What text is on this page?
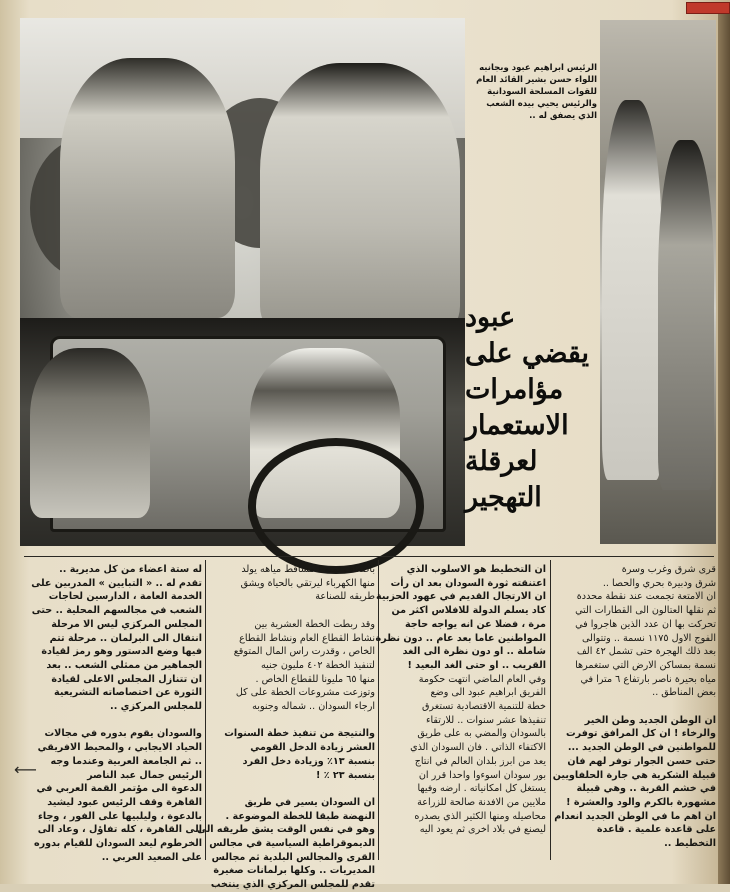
الرئيس ابراهيم عبود وبجانبه
اللواء حسن بشير القائد العام
للقوات المسلحة السودانية
والرئيس يحيي بيده الشعب
الذي يصفق له ..
عبود
يقضي على
مؤامرات
الاستعمار
لعرقلة
التهجير
قرى شرق وغرب وسرة
شرق ودبيرة بحري والحصا ..
ان الامتعة تجمعت عند نقطة محددة
ثم نقلها العتالون الى القطارات التي
تحركت بها ان عدد الذين هاجروا في
الفوج الاول ١١٧٥ نسمة .. وتتوالى
بعد ذلك الهجرة حتى تشمل ٤٢ الف
نسمة بمساكن الارض التي ستغمرها
مياه بحيرة ناصر بارتفاع ٦ مترا في
بعض المناطق ..

ان الوطن الجديد وطن الخير
والرخاء ! ان كل المرافق توفرت
للمواطنين في الوطن الجديد ...
حتى حسن الجوار توفر لهم فان
قبيلة الشكرية هي جارة الحلفاويين
في خشم القربة .. وهي قبيلة
مشهورة بالكرم والود والعشرة !
ان اهم ما في الوطن الجديد انعدام
على قاعدة علمية . قاعدة
التخطيط ..
ان التخطيط هو الاسلوب الذي
اعتنقته ثورة السودان بعد ان رأت
ان الارتجال القديم في عهود الحزبية
كاد يسلم الدولة للافلاس اكثر من
مرة ، فضلا عن انه يواجه حاجة
المواطنين عاما بعد عام .. دون نظرة
شاملة .. او دون نظرة الى الغد
القريب .. او حتى الغد البعيد !
وفي العام الماضي انتهت حكومة
الفريق ابراهيم عبود الى وضع
خطة للتنمية الاقتصادية تستغرق
تنفيذها عشر سنوات .. للارتقاء
بالسودان والمضي به على طريق
الاكتفاء الذاتي . فان السودان الذي
يعد من ابرز بلدان العالم في انتاج
بور سودان اسوءوا واحدا قرر ان
يستغل كل امكانياته . ارضه وفيها
ملايين من الافدنة صالحة للزراعة
محاصيله ومنها الكثير الذي يصدره
ليصنع في بلاد اخرى ثم يعود اليه
باضعاف ثمنه ! مساقط مياهه يولد
منها الكهرباء ليرتقي بالحياة ويشق
طريقه للصناعة

وقد ربطت الخطة العشرية بين
نشاط القطاع العام ونشاط القطاع
الخاص ، وقدرت راس المال المتوقع
لتنفيذ الخطة ٤٠٢ مليون جنيه
منها ٦٥ مليونا للقطاع الخاص .
وتوزعت مشروعات الخطة على كل
ارجاء السودان .. شماله وجنوبه

والنتيجة من تنفيذ خطة السنوات
العشر زيادة الدخل القومي
بنسبة ١٣٪ وزيادة دخل الفرد
بنسبة ٢٣ ٪ !

ان السودان يسير في طريق
النهضة طبقا للخطة الموضوعة .
وهو في نفس الوقت يشق طريقه الى
الديموقراطية السياسية في مجالس
القرى والمجالس البلدية ثم مجالس
المديريات .. وكلها برلمانات صغيرة
تقدم للمجلس المركزي الذي ينتخب
له ستة اعضاء من كل مديرية ..
تقدم له .. « التبايين » المدربين على
الخدمة العامة ، الدارسين لحاجات
الشعب في مجالسهم المحلية .. حتى
المجلس المركزي ليس الا مرحلة
انتقال الى البرلمان .. مرحلة تتم
فيها وضع الدستور وهو رمز لقيادة
الجماهير من ممثلي الشعب .. بعد
ان تتنازل المجلس الاعلى لقيادة
الثورة عن اختصاصاته التشريعية
للمجلس المركزي ..

والسودان يقوم بدوره في مجالات
الحياد الايجابي ، والمحيط الافريقي
.. ثم الجامعة العربية وعندما وجه
الرئيس جمال عبد الناصر
الدعوة الى مؤتمر القمة العربي في
القاهرة وقف الرئيس عبود ليشيد
بالدعوة ، وليلبيها على الفور ، وجاء
الى القاهرة ، كله تفاؤل ، وعاد الى
الخرطوم ليعد السودان للقيام بدوره
على الصعيد العربي ..
⟵
